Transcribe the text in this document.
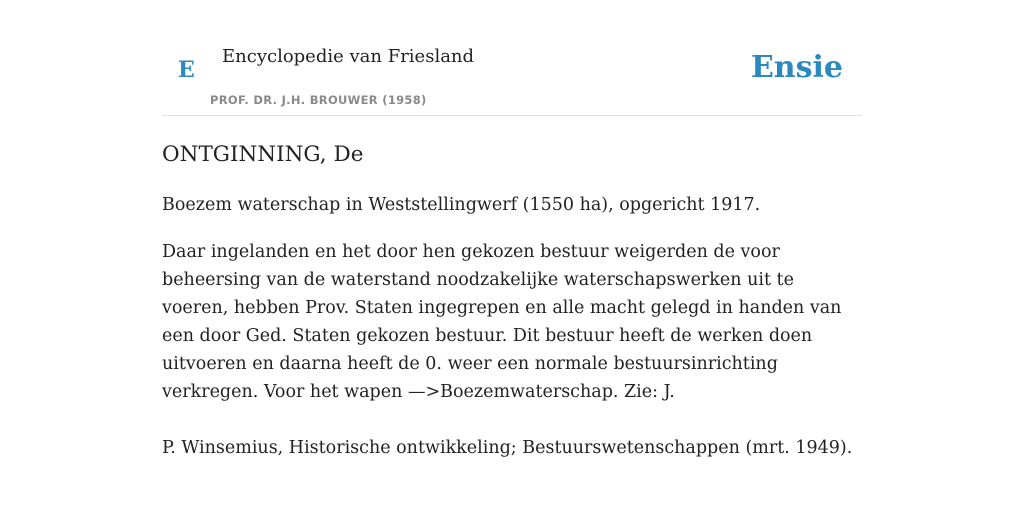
E
Encyclopedie van Friesland
PROF. DR. J.H. BROUWER (1958)
Ensie
ONTGINNING, De

Boezem waterschap in Weststellingwerf (1550 ha), opgericht 1917.

Daar ingelanden en het door hen gekozen bestuur weigerden de voor beheersing van de waterstand noodzakelijke waterschapswerken uit te voeren, hebben Prov. Staten ingegrepen en alle macht gelegd in handen van een door Ged. Staten gekozen bestuur. Dit bestuur heeft de werken doen uitvoeren en daarna heeft de 0. weer een normale bestuursinrichting verkregen. Voor het wapen —>Boezemwaterschap. Zie: J.

P. Winsemius, Historische ontwikkeling; Bestuurswetenschappen (mrt. 1949).
